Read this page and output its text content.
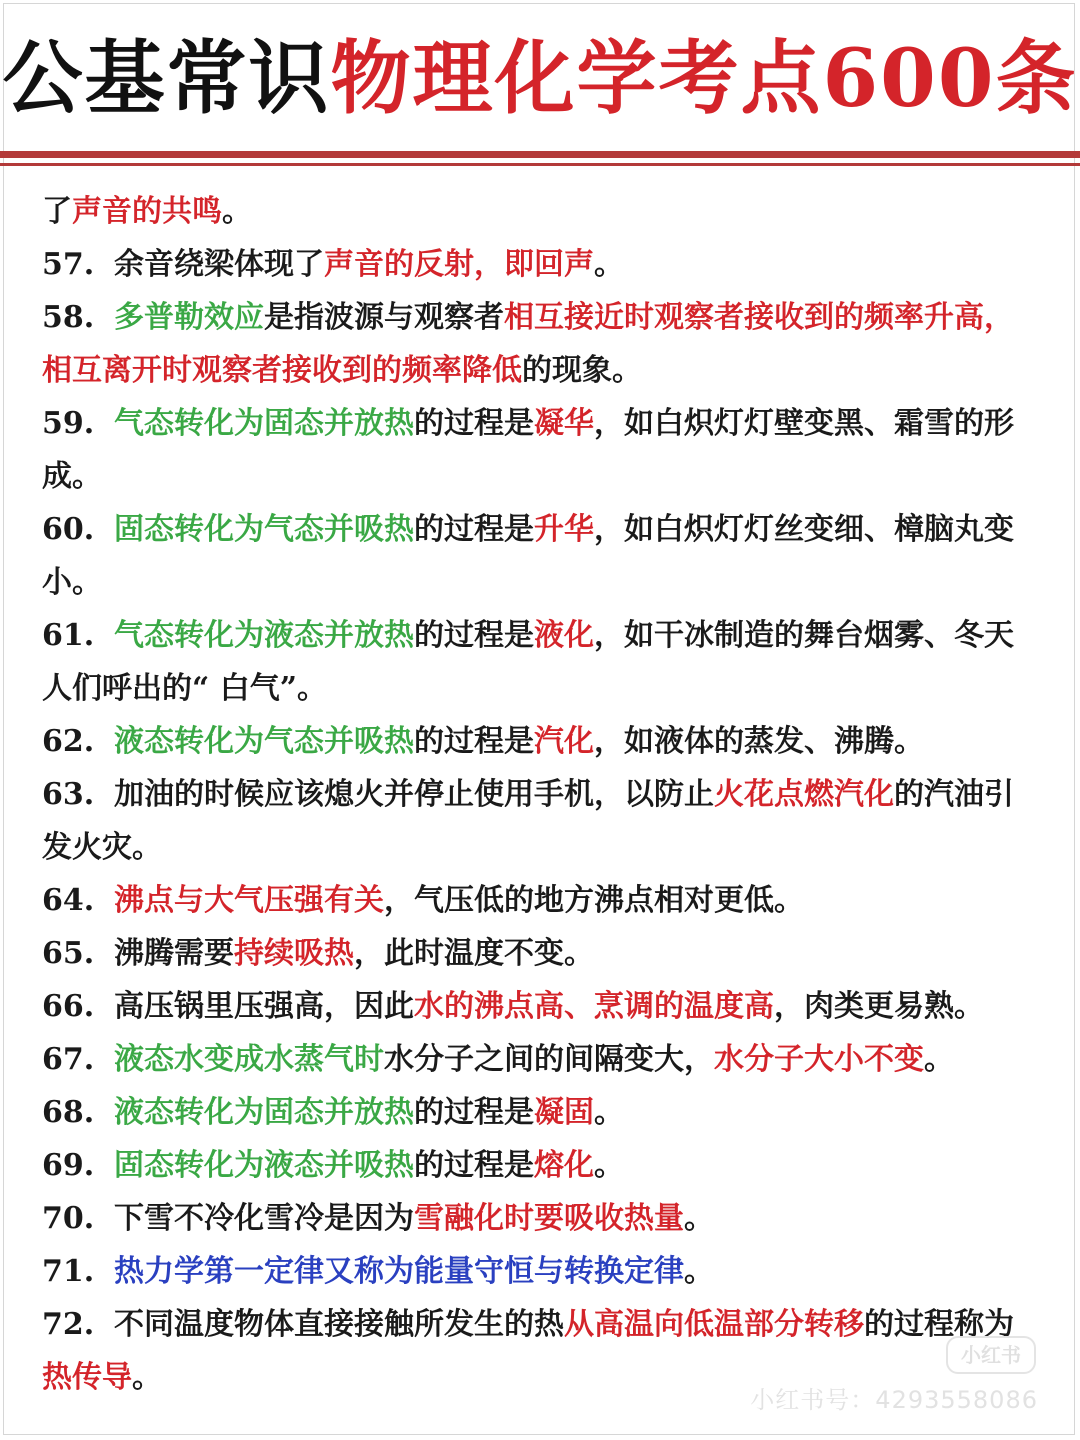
公基常识物理化学考点600条

了声音的共鸣。

57. 余音绕梁体现了声音的反射，即回声。

58. 多普勒效应是指波源与观察者相互接近时观察者接收到的频率升高，相互离开时观察者接收到的频率降低的现象。

59. 气态转化为固态并放热的过程是凝华，如白炽灯灯壁变黑、霜雪的形成。

60. 固态转化为气态并吸热的过程是升华，如白炽灯灯丝变细、樟脑丸变小。

61. 气态转化为液态并放热的过程是液化，如干冰制造的舞台烟雾、冬天人们呼出的“ 白气”。

62. 液态转化为气态并吸热的过程是汽化，如液体的蒸发、沸腾。

63. 加油的时候应该熄火并停止使用手机，以防止火花点燃汽化的汽油引发火灾。

64. 沸点与大气压强有关，气压低的地方沸点相对更低。

65. 沸腾需要持续吸热，此时温度不变。

66. 高压锅里压强高，因此水的沸点高、烹调的温度高，肉类更易熟。

67. 液态水变成水蒸气时水分子之间的间隔变大，水分子大小不变。

68. 液态转化为固态并放热的过程是凝固。

69. 固态转化为液态并吸热的过程是熔化。

70. 下雪不冷化雪冷是因为雪融化时要吸收热量。

71. 热力学第一定律又称为能量守恒与转换定律。

72. 不同温度物体直接接触所发生的热从高温向低温部分转移的过程称为热传导。

小红书
小红书号：4293558086
